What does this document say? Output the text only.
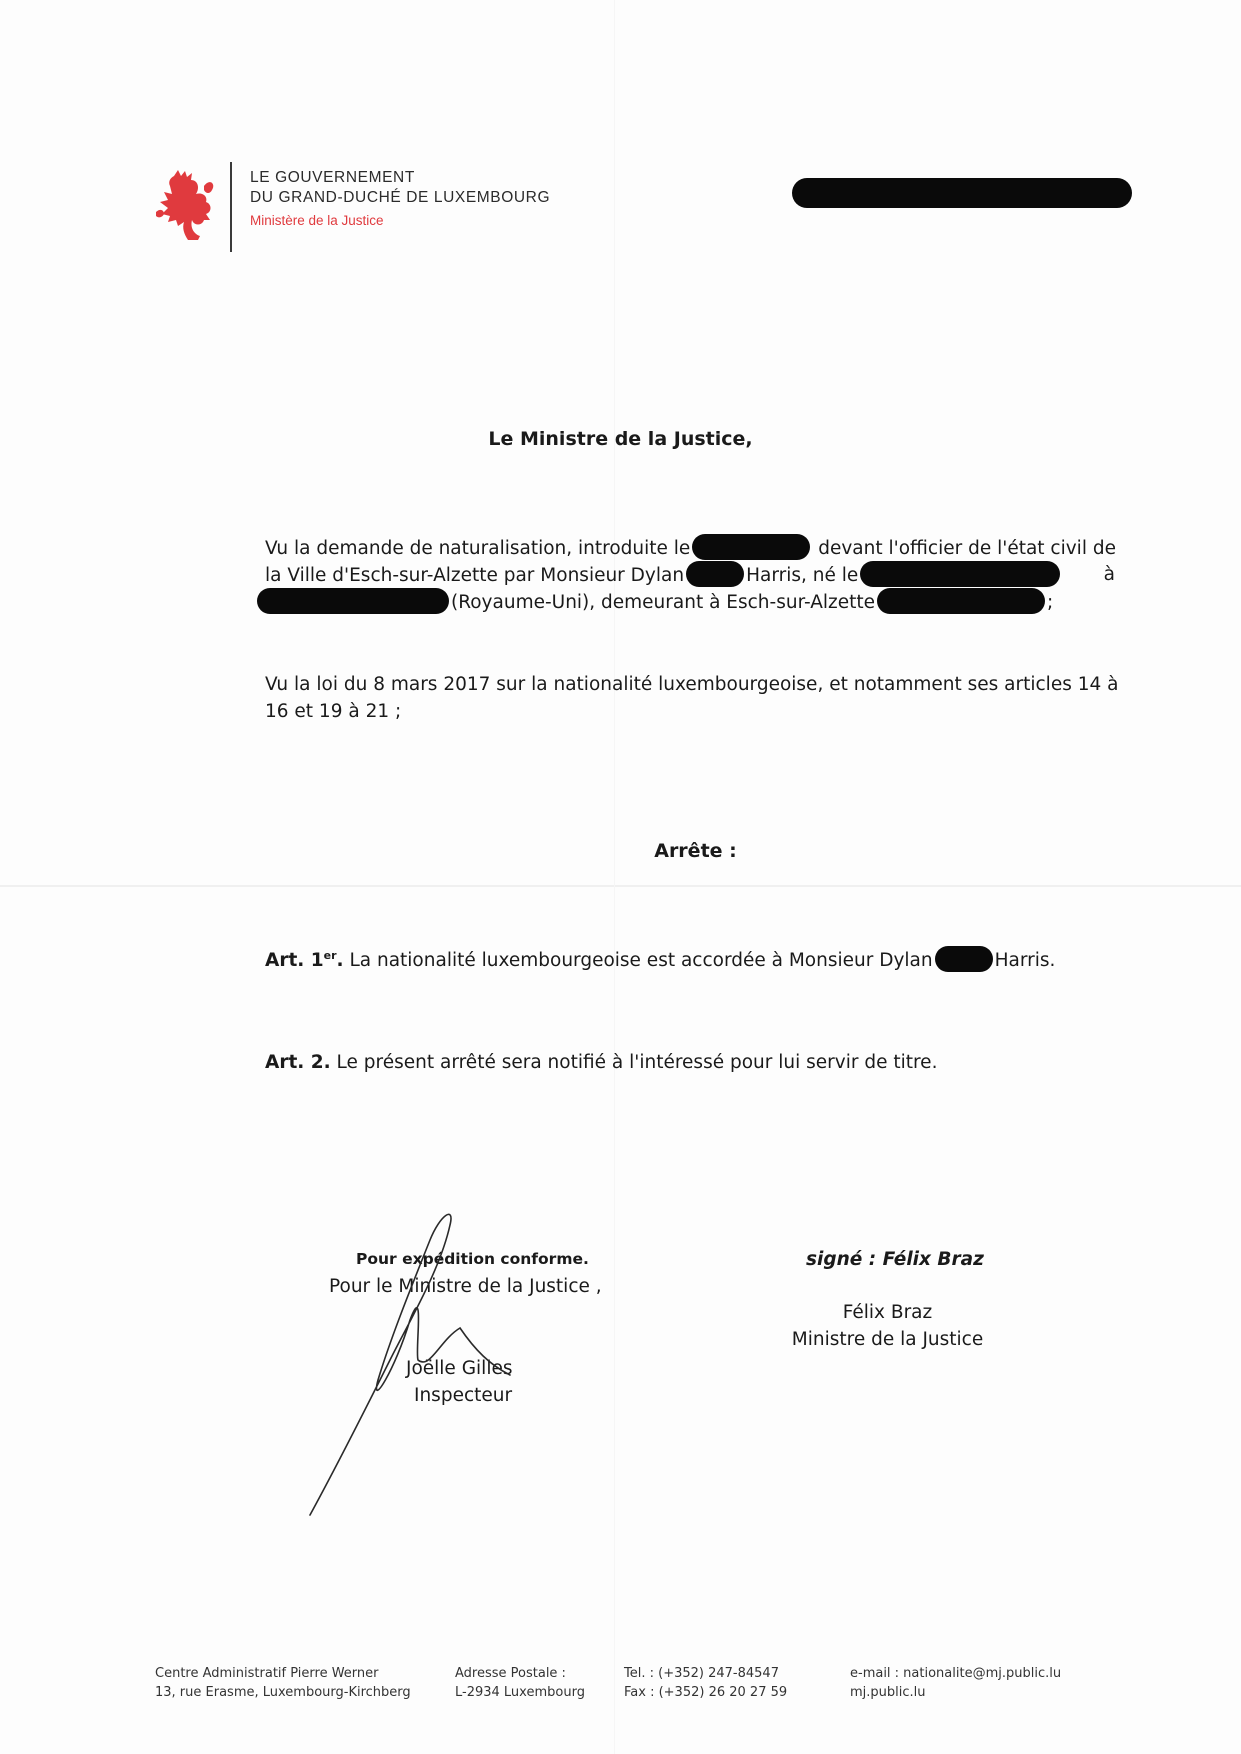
LE GOUVERNEMENT
DU GRAND-DUCHÉ DE LUXEMBOURG
Ministère de la Justice
Le Ministre de la Justice,
Vu la demande de naturalisation, introduite le	devant l'officier de l'état civil de
la Ville d'Esch-sur-Alzette par Monsieur Dylan	Harris, né le	à
(Royaume-Uni), demeurant à Esch-sur-Alzette	;
Vu la loi du 8 mars 2017 sur la nationalité luxembourgeoise, et notamment ses articles 14 à
16 et 19 à 21 ;
Arrête :
Art. 1er. La nationalité luxembourgeoise est accordée à Monsieur Dylan	Harris.
Art. 2. Le présent arrêté sera notifié à l'intéressé pour lui servir de titre.
Pour expédition conforme.
Pour le Ministre de la Justice ,
Joëlle Gilles
Inspecteur
signé : Félix Braz
Félix Braz
Ministre de la Justice
Centre Administratif Pierre Werner
13, rue Erasme, Luxembourg-Kirchberg
Adresse Postale :
L-2934 Luxembourg
Tel. : (+352) 247-84547
Fax : (+352) 26 20 27 59
e-mail : nationalite@mj.public.lu
mj.public.lu
